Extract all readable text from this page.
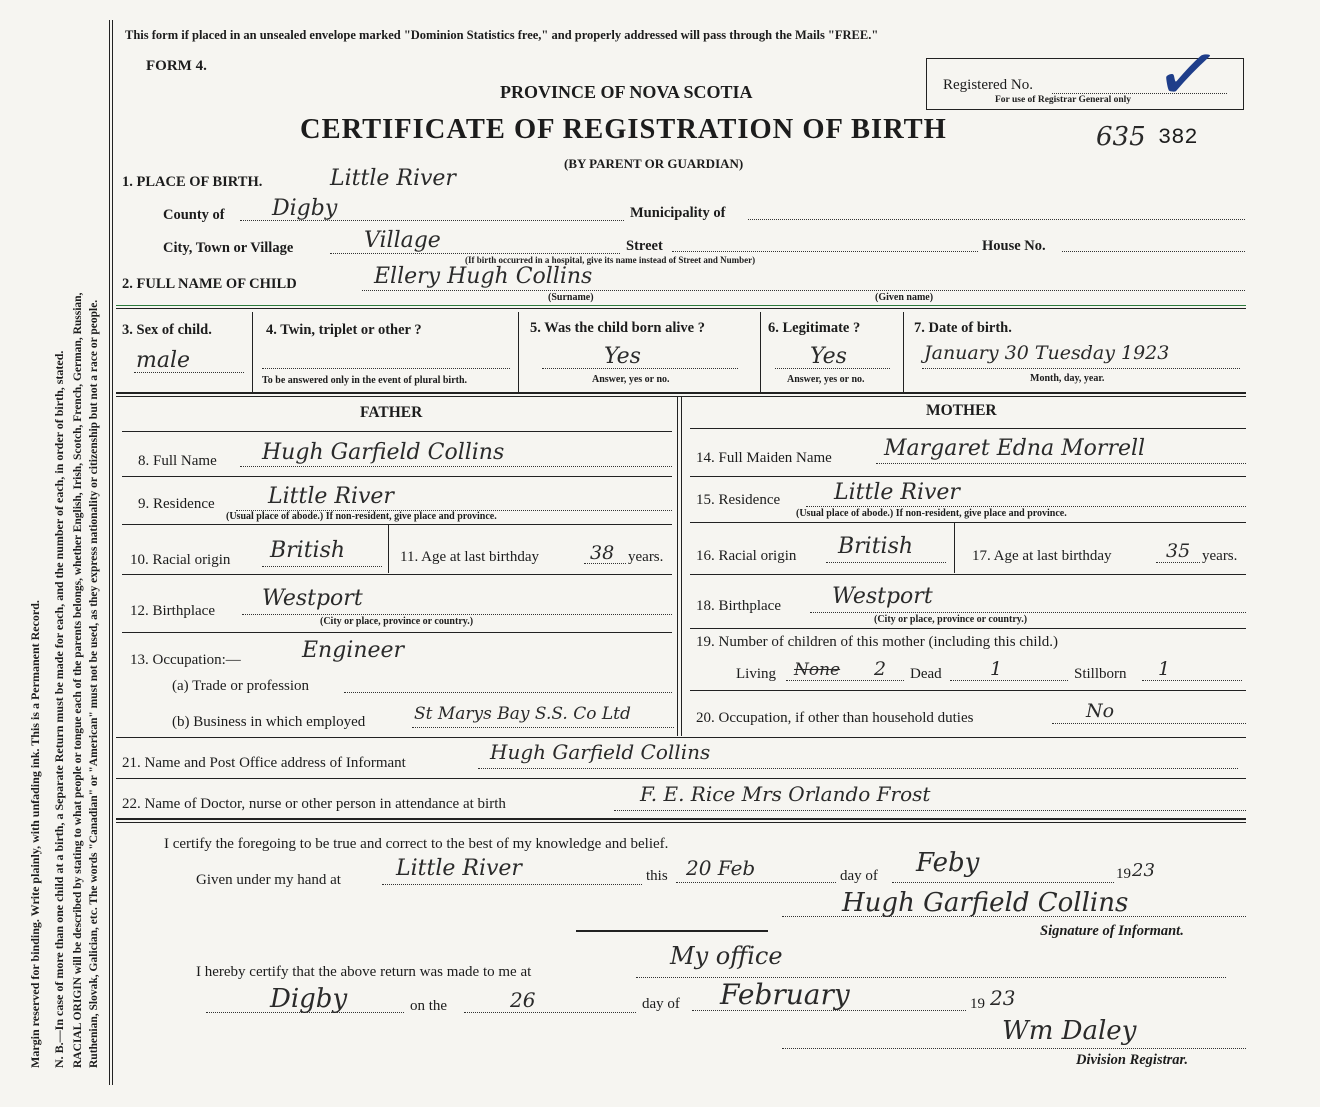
Margin reserved for binding. Write plainly, with unfading ink. This is a Permanent Record. N. B.—In case of more than one child at a birth, a Separate Return must be made for each, and the number of each, in order of birth, stated. RACIAL ORIGIN will be described by stating to what people or tongue each of the parents belongs, whether English, Irish, Scotch, French, German, Russian, Ruthenian, Slovak, Galician, etc. The words "Canadian" or "American" must not be used, as they express nationality or citizenship but not a race or people.
This form if placed in an unsealed envelope marked "Dominion Statistics free," and properly addressed will pass through the Mails "FREE."
FORM 4.
PROVINCE OF NOVA SCOTIA
CERTIFICATE OF REGISTRATION OF BIRTH
(BY PARENT OR GUARDIAN)
Registered No.
For use of Registrar General only ✓
635 382
1. PLACE OF BIRTH.	Little River
County of Digby	Municipality of
City, Town or Village	Village	Street	House No.
(If birth occurred in a hospital, give its name instead of Street and Number)
2. FULL NAME OF CHILD	Ellery Hugh Collins
(Surname)	(Given name)
3. Sex of child.
male
4. Twin, triplet or other ?
To be answered only in the event of plural birth.
5. Was the child born alive ?
Yes
Answer, yes or no.
6. Legitimate ?
Yes
Answer, yes or no.
7. Date of birth.
January 30 Tuesday 1923
Month, day, year.
FATHER	MOTHER
8. Full Name Hugh Garfield Collins
9. Residence Little River
(Usual place of abode.) If non-resident, give place and province.
10. Racial origin British	11. Age at last birthday	38 years.
12. Birthplace Westport
(City or place, province or country.)
13. Occupation:—	Engineer
(a) Trade or profession
(b) Business in which employed	St Marys Bay S.S. Co Ltd
14. Full Maiden Name Margaret Edna Morrell
15. Residence Little River
(Usual place of abode.) If non-resident, give place and province.
16. Racial origin British	17. Age at last birthday	35 years.
18. Birthplace Westport
(City or place, province or country.)
19. Number of children of this mother (including this child.)
Living None 2 Dead	1	Stillborn 1
20. Occupation, if other than household duties	No
21. Name and Post Office address of Informant	Hugh Garfield Collins
22. Name of Doctor, nurse or other person in attendance at birth	F. E. Rice Mrs Orlando Frost
I certify the foregoing to be true and correct to the best of my knowledge and belief.
Given under my hand at	Little River	this 20 Feb	day of Feby	19 23
Hugh Garfield Collins
Signature of Informant.
I hereby certify that the above return was made to me at
My office
Digby	on the	26	day of February	19 23
Wm Daley
Division Registrar.
